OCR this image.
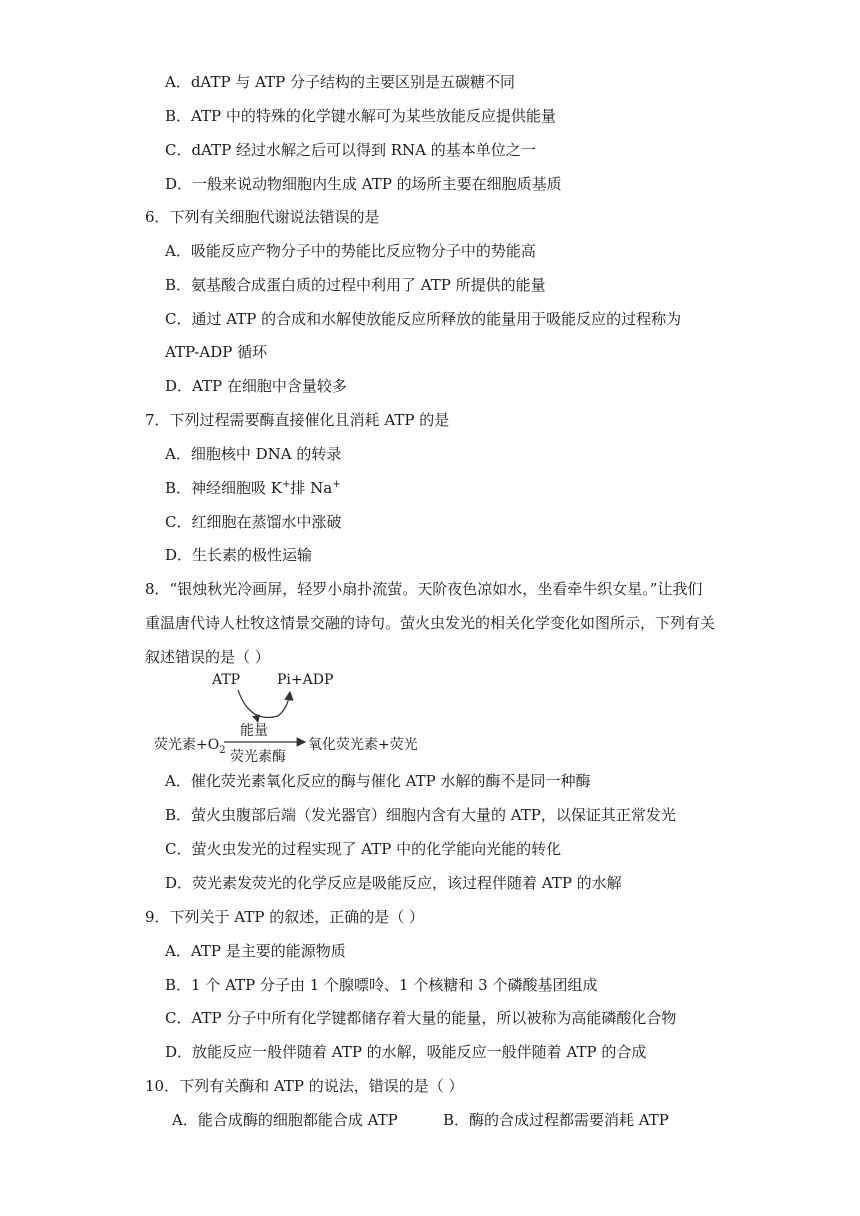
A．dATP 与 ATP 分子结构的主要区别是五碳糖不同
B．ATP 中的特殊的化学键水解可为某些放能反应提供能量
C．dATP 经过水解之后可以得到 RNA 的基本单位之一
D．一般来说动物细胞内生成 ATP 的场所主要在细胞质基质
6．下列有关细胞代谢说法错误的是
A．吸能反应产物分子中的势能比反应物分子中的势能高
B．氨基酸合成蛋白质的过程中利用了 ATP 所提供的能量
C．通过 ATP 的合成和水解使放能反应所释放的能量用于吸能反应的过程称为
ATP-ADP 循环
D．ATP 在细胞中含量较多
7．下列过程需要酶直接催化且消耗 ATP 的是
A．细胞核中 DNA 的转录
B．神经细胞吸 K+排 Na+
C．红细胞在蒸馏水中涨破
D．生长素的极性运输
8．“银烛秋光冷画屏，轻罗小扇扑流萤。天阶夜色凉如水，坐看牵牛织女星。”让我们
重温唐代诗人杜牧这情景交融的诗句。萤火虫发光的相关化学变化如图所示，下列有关
叙述错误的是（ ）
ATP	Pi+ADP
能量
荧光素$+O_2$	氧化荧光素+荧光
荧光素酶
A．催化荧光素氧化反应的酶与催化 ATP 水解的酶不是同一种酶
B．萤火虫腹部后端（发光器官）细胞内含有大量的 ATP，以保证其正常发光
C．萤火虫发光的过程实现了 ATP 中的化学能向光能的转化
D．荧光素发荧光的化学反应是吸能反应，该过程伴随着 ATP 的水解
9．下列关于 ATP 的叙述，正确的是（ ）
A．ATP 是主要的能源物质
B．1 个 ATP 分子由 1 个腺嘌呤、1 个核糖和 3 个磷酸基团组成
C．ATP 分子中所有化学键都储存着大量的能量，所以被称为高能磷酸化合物
D．放能反应一般伴随着 ATP 的水解，吸能反应一般伴随着 ATP 的合成
10．下列有关酶和 ATP 的说法，错误的是（ ）
A．能合成酶的细胞都能合成 ATP	B．酶的合成过程都需要消耗 ATP
